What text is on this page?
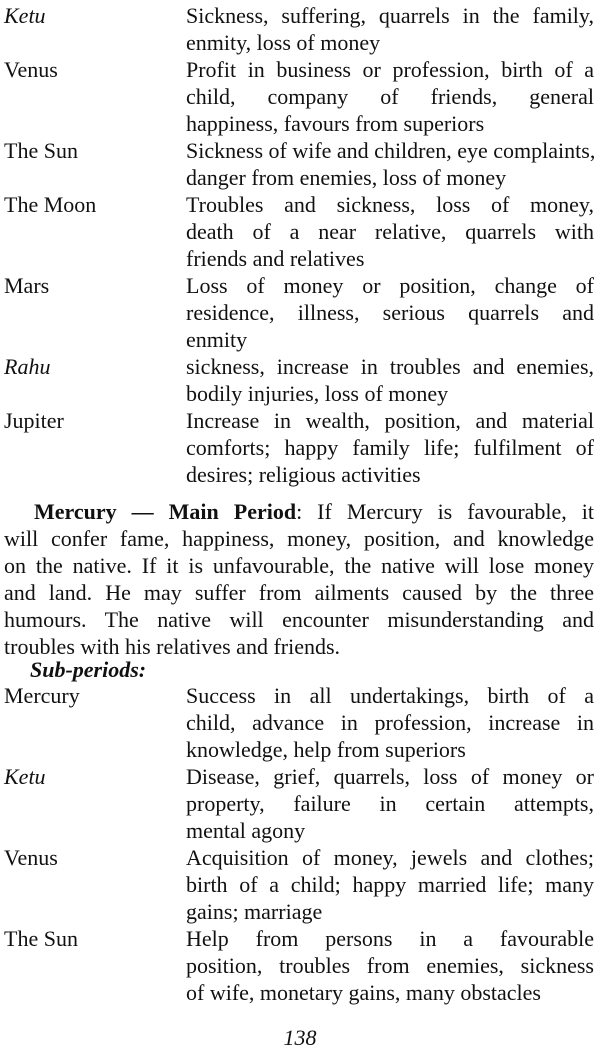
Ketu	Sickness, suffering, quarrels in the family,
enmity, loss of money
Venus	Profit in business or profession, birth of a
child, company of friends, general
happiness, favours from superiors
The Sun	Sickness of wife and children, eye complaints,
danger from enemies, loss of money
The Moon	Troubles and sickness, loss of money,
death of a near relative, quarrels with
friends and relatives
Mars	Loss of money or position, change of
residence, illness, serious quarrels and
enmity
Rahu	sickness, increase in troubles and enemies,
bodily injuries, loss of money
Jupiter	Increase in wealth, position, and material
comforts; happy family life; fulfilment of
desires; religious activities
Mercury — Main Period: If Mercury is favourable, it
will confer fame, happiness, money, position, and knowledge
on the native. If it is unfavourable, the native will lose money
and land. He may suffer from ailments caused by the three
humours. The native will encounter misunderstanding and
troubles with his relatives and friends.
Sub-periods:
Mercury	Success in all undertakings, birth of a
child, advance in profession, increase in
knowledge, help from superiors
Ketu	Disease, grief, quarrels, loss of money or
property, failure in certain attempts,
mental agony
Venus	Acquisition of money, jewels and clothes;
birth of a child; happy married life; many
gains; marriage
The Sun	Help from persons in a favourable
position, troubles from enemies, sickness
of wife, monetary gains, many obstacles
138
